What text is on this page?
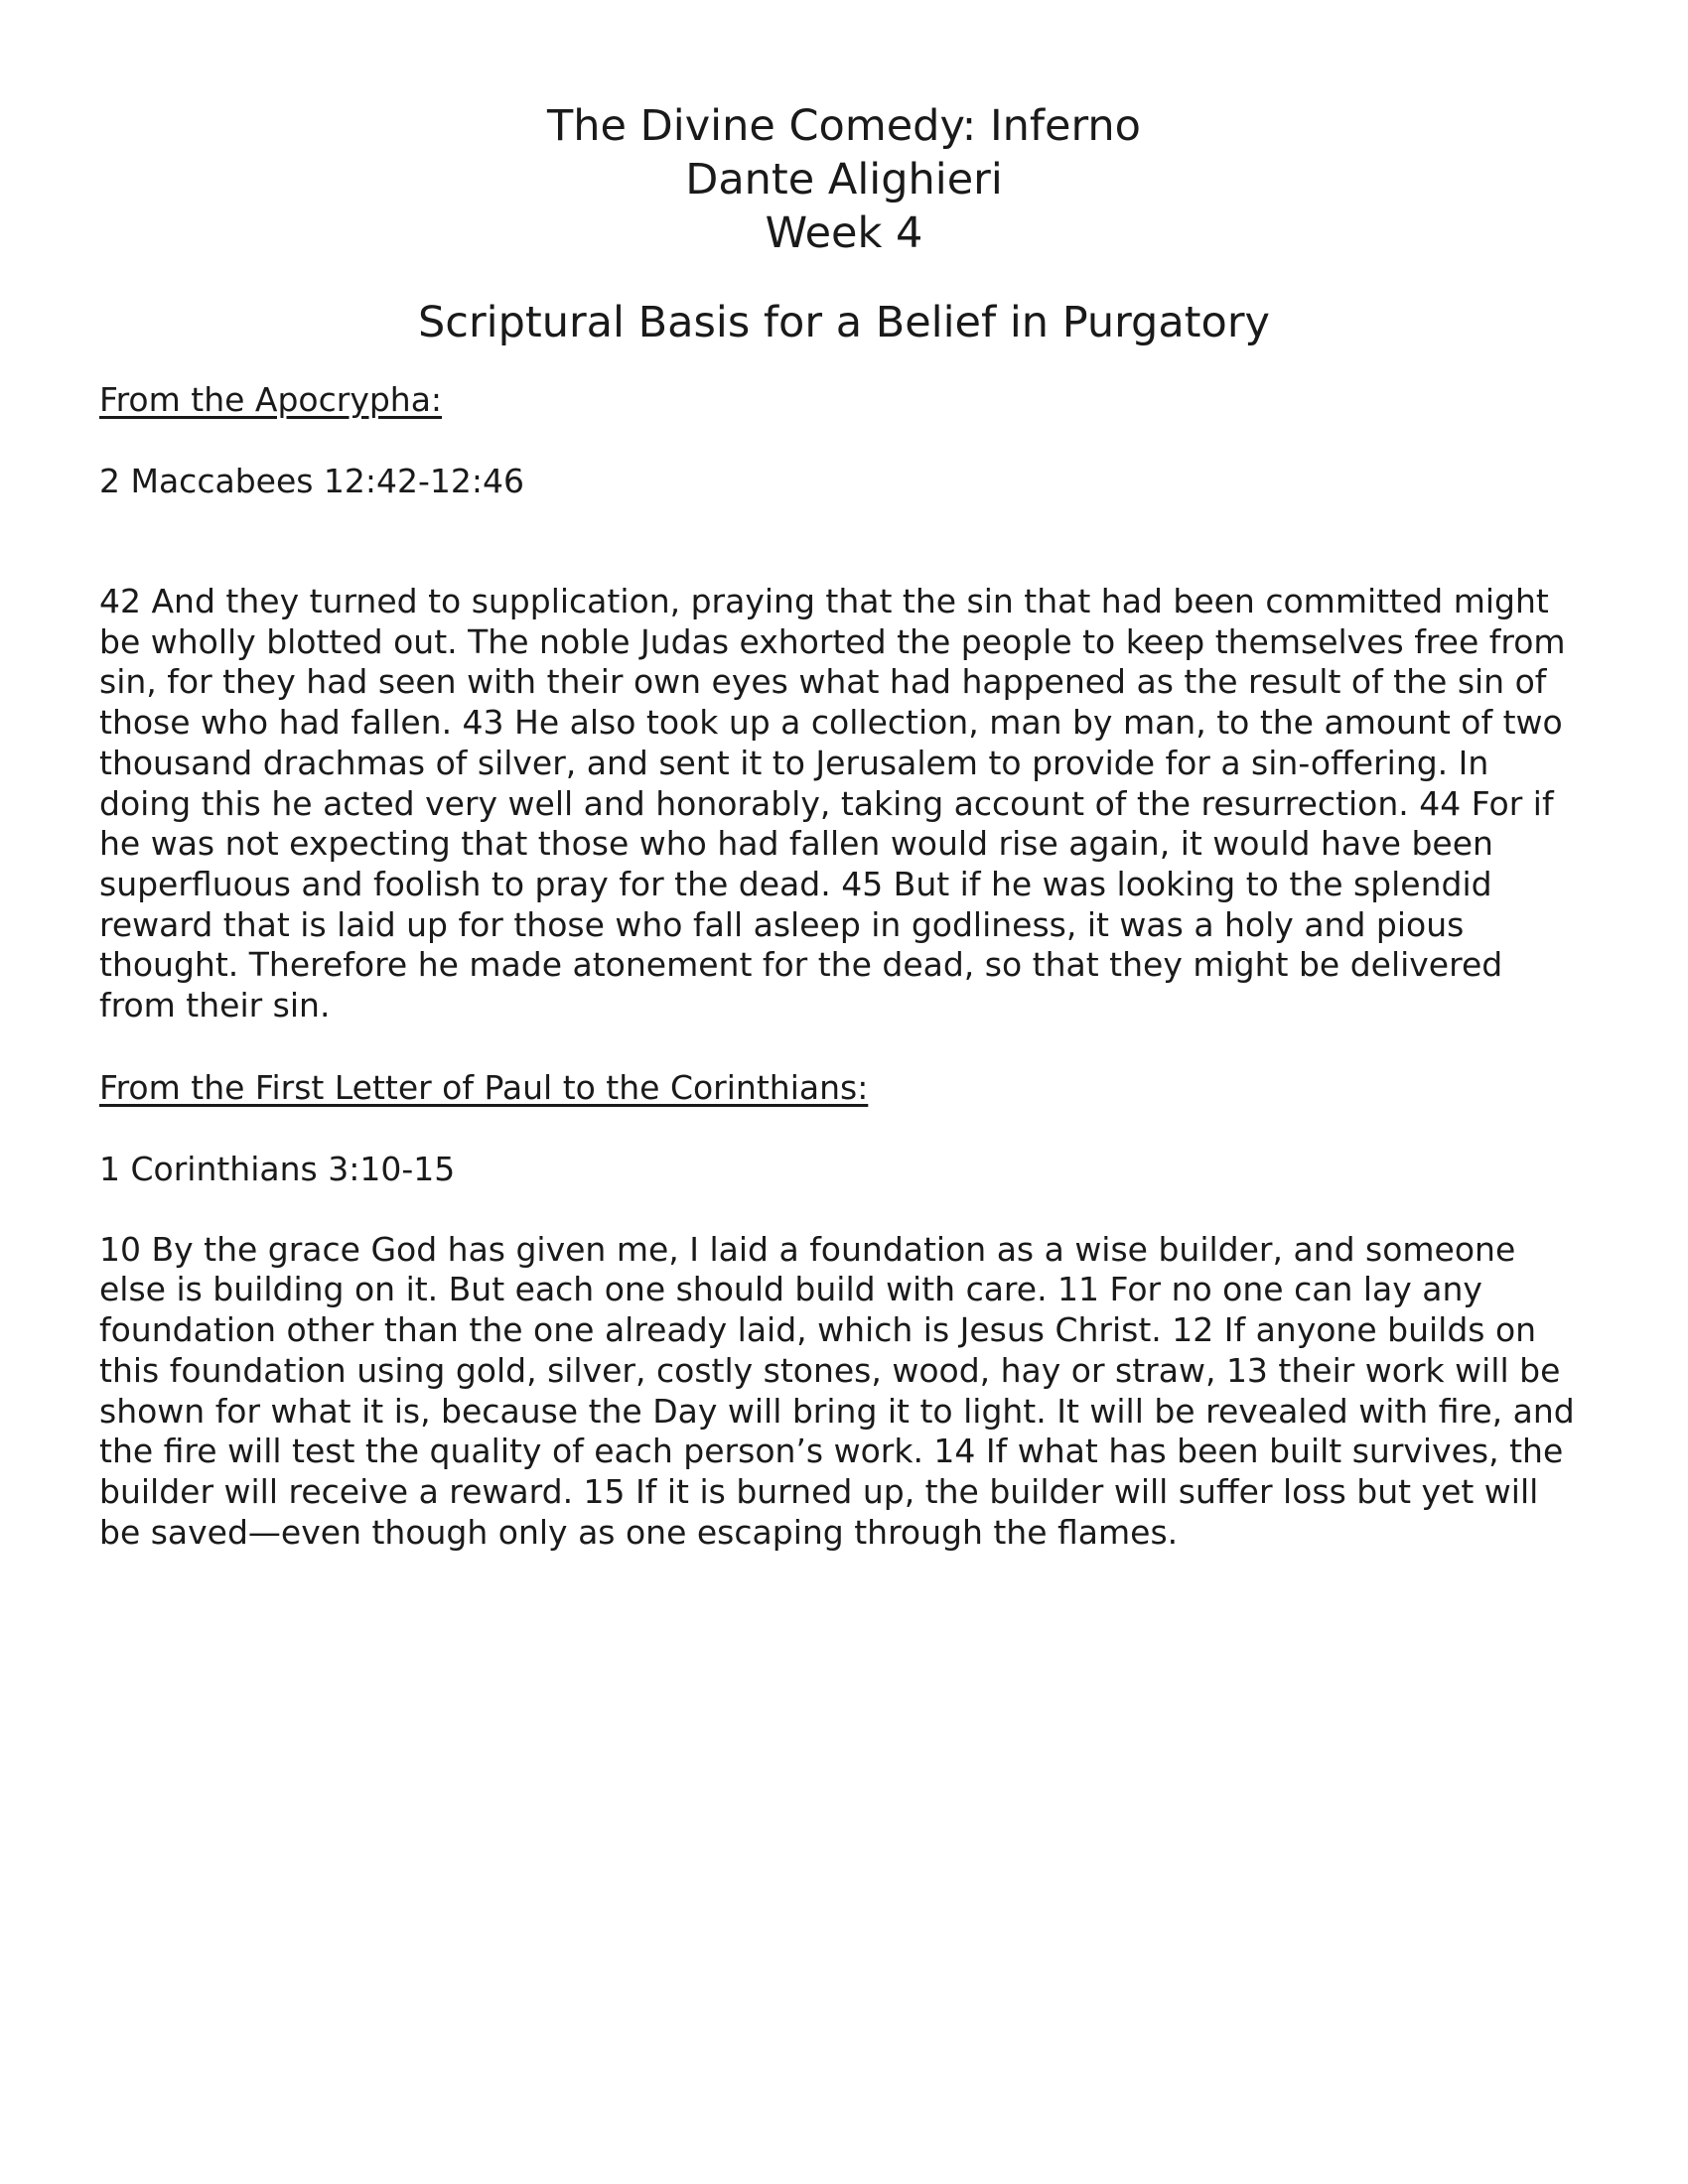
The Divine Comedy: Inferno
Dante Alighieri
Week 4
Scriptural Basis for a Belief in Purgatory

From the Apocrypha:

2 Maccabees 12:42-12:46

42 And they turned to supplication, praying that the sin that had been committed might be wholly blotted out. The noble Judas exhorted the people to keep themselves free from sin, for they had seen with their own eyes what had happened as the result of the sin of those who had fallen. 43 He also took up a collection, man by man, to the amount of two thousand drachmas of silver, and sent it to Jerusalem to provide for a sin-offering. In doing this he acted very well and honorably, taking account of the resurrection. 44 For if he was not expecting that those who had fallen would rise again, it would have been superfluous and foolish to pray for the dead. 45 But if he was looking to the splendid reward that is laid up for those who fall asleep in godliness, it was a holy and pious thought. Therefore he made atonement for the dead, so that they might be delivered from their sin.

From the First Letter of Paul to the Corinthians:

1 Corinthians 3:10-15

10 By the grace God has given me, I laid a foundation as a wise builder, and someone else is building on it. But each one should build with care. 11 For no one can lay any foundation other than the one already laid, which is Jesus Christ. 12 If anyone builds on this foundation using gold, silver, costly stones, wood, hay or straw, 13 their work will be shown for what it is, because the Day will bring it to light. It will be revealed with fire, and the fire will test the quality of each person’s work. 14 If what has been built survives, the builder will receive a reward. 15 If it is burned up, the builder will suffer loss but yet will be saved—even though only as one escaping through the flames.
